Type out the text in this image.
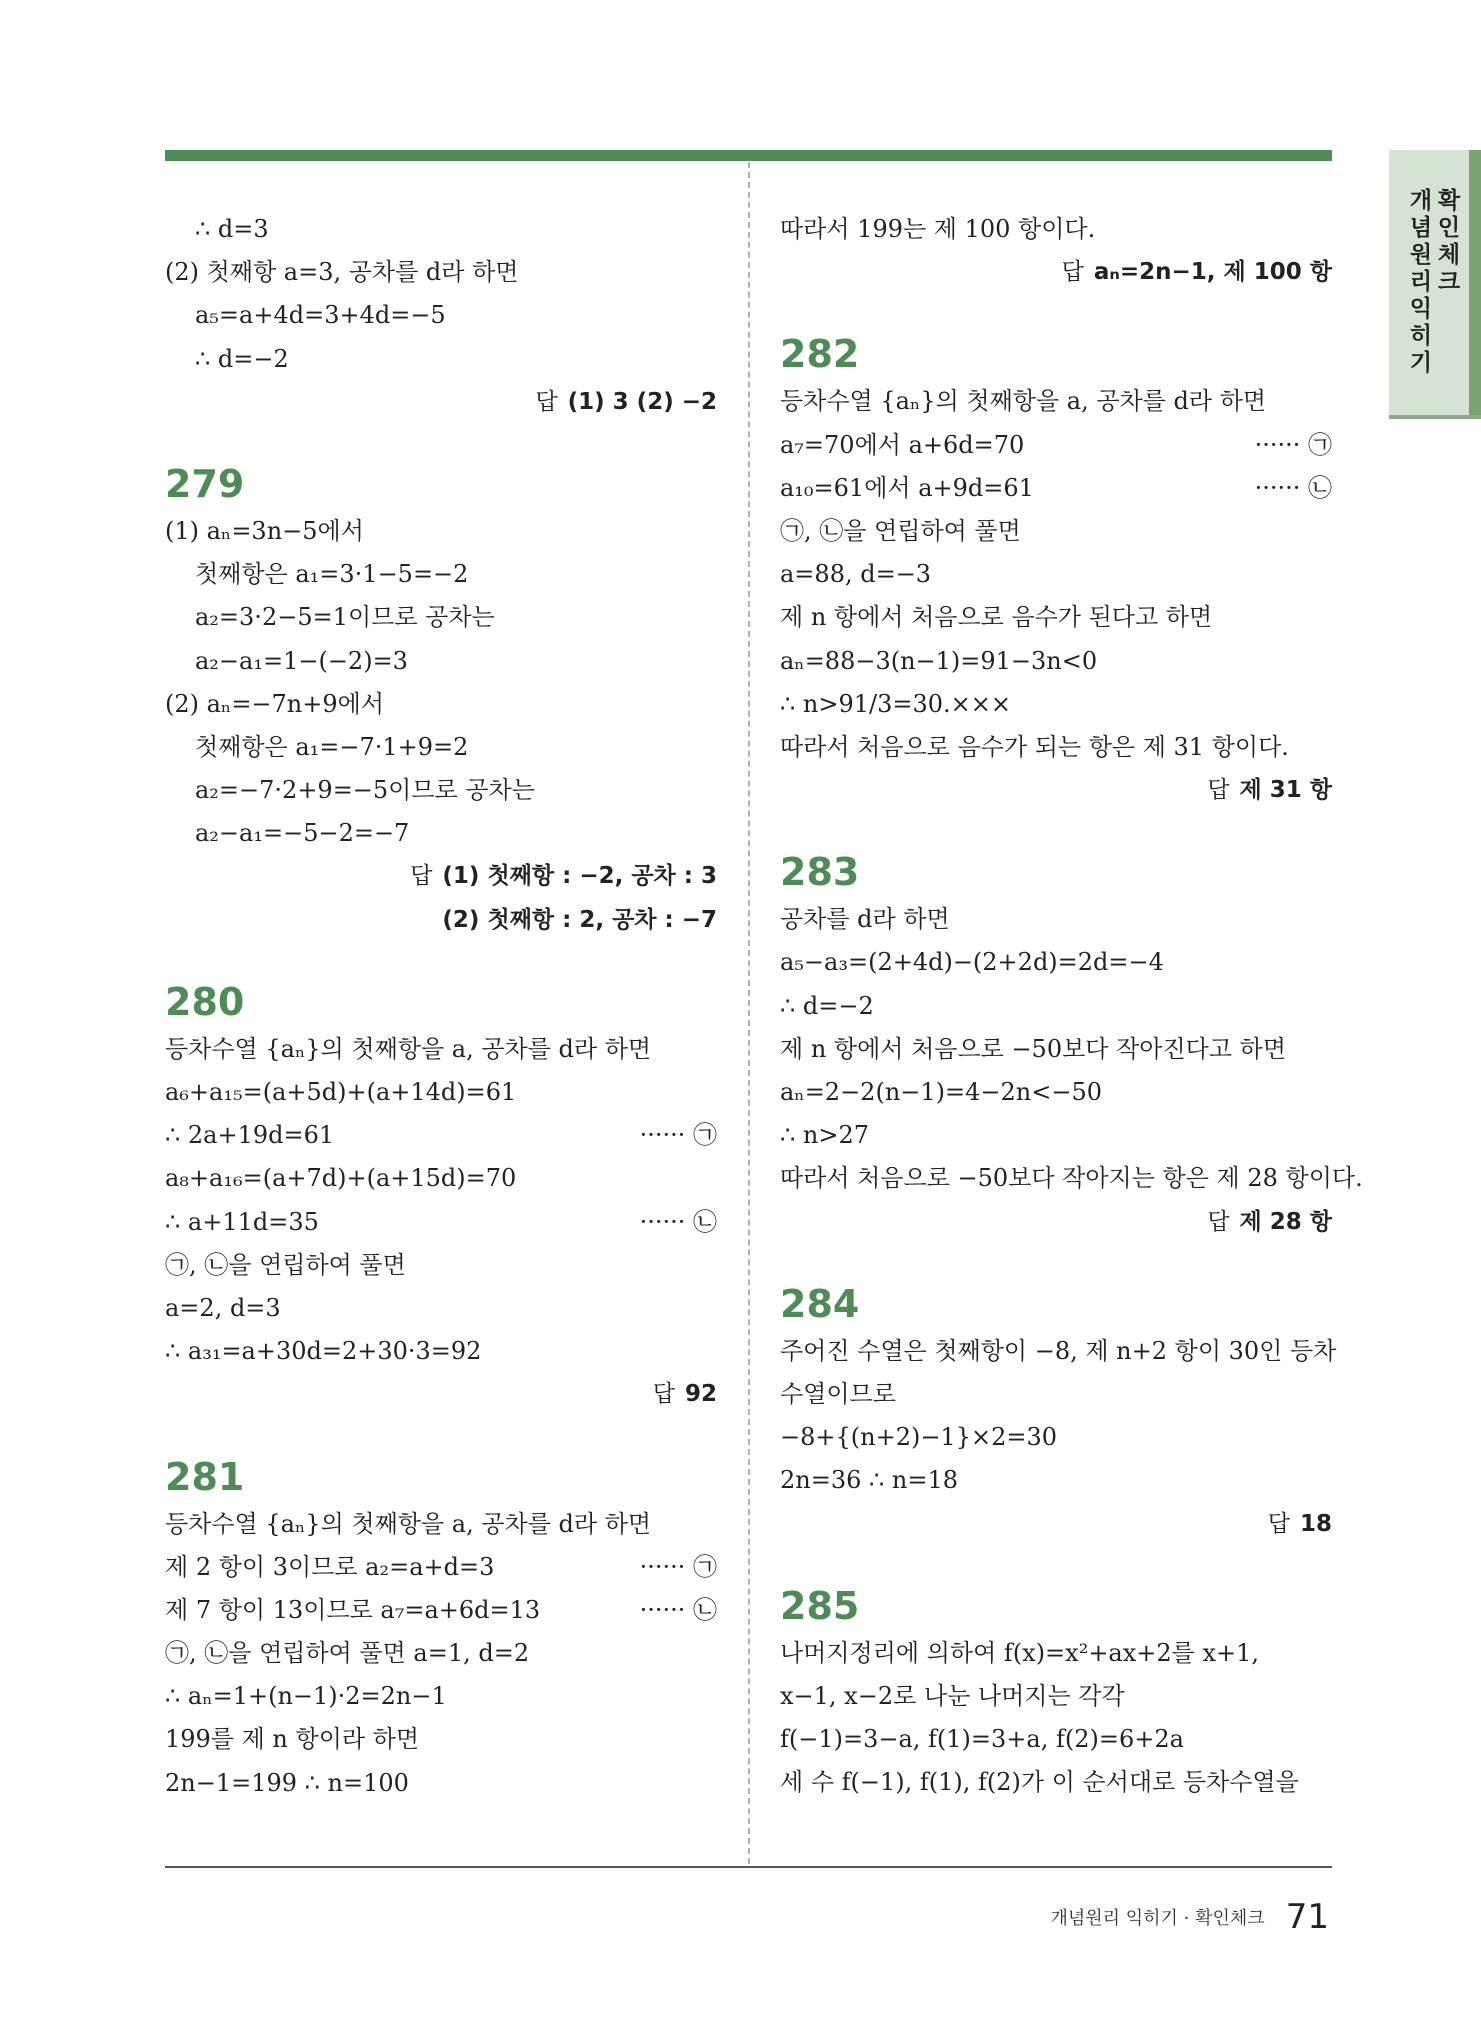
개
념
원
리
익
히
기
확
인
체
크
∴ d=3
(2) 첫째항 a=3, 공차를 d라 하면
a₅=a+4d=3+4d=−5
∴ d=−2
답 (1) 3 (2) −2
279
(1) aₙ=3n−5에서
첫째항은 a₁=3·1−5=−2
a₂=3·2−5=1이므로 공차는
a₂−a₁=1−(−2)=3
(2) aₙ=−7n+9에서
첫째항은 a₁=−7·1+9=2
a₂=−7·2+9=−5이므로 공차는
a₂−a₁=−5−2=−7
답 (1) 첫째항 : −2, 공차 : 3
(2) 첫째항 : 2, 공차 : −7
280
등차수열 {aₙ}의 첫째항을 a, 공차를 d라 하면
a₆+a₁₅=(a+5d)+(a+14d)=61
∴ 2a+19d=61	······ ㉠
a₈+a₁₆=(a+7d)+(a+15d)=70
∴ a+11d=35	······ ㉡
㉠, ㉡을 연립하여 풀면
a=2, d=3
∴ a₃₁=a+30d=2+30·3=92
답 92
281
등차수열 {aₙ}의 첫째항을 a, 공차를 d라 하면
제 2 항이 3이므로 a₂=a+d=3	······ ㉠
제 7 항이 13이므로 a₇=a+6d=13	······ ㉡
㉠, ㉡을 연립하여 풀면 a=1, d=2
∴ aₙ=1+(n−1)·2=2n−1
199를 제 n 항이라 하면
2n−1=199 ∴ n=100
따라서 199는 제 100 항이다.
답 aₙ=2n−1, 제 100 항
282
등차수열 {aₙ}의 첫째항을 a, 공차를 d라 하면
a₇=70에서 a+6d=70	······ ㉠
a₁₀=61에서 a+9d=61	······ ㉡
㉠, ㉡을 연립하여 풀면
a=88, d=−3
제 n 항에서 처음으로 음수가 된다고 하면
aₙ=88−3(n−1)=91−3n<0
∴ n>91/3=30.×××
따라서 처음으로 음수가 되는 항은 제 31 항이다.
답 제 31 항
283
공차를 d라 하면
a₅−a₃=(2+4d)−(2+2d)=2d=−4
∴ d=−2
제 n 항에서 처음으로 −50보다 작아진다고 하면
aₙ=2−2(n−1)=4−2n<−50
∴ n>27
따라서 처음으로 −50보다 작아지는 항은 제 28 항이다.
답 제 28 항
284
주어진 수열은 첫째항이 −8, 제 n+2 항이 30인 등차
수열이므로
−8+{(n+2)−1}×2=30
2n=36 ∴ n=18
답 18
285
나머지정리에 의하여 f(x)=x²+ax+2를 x+1,
x−1, x−2로 나눈 나머지는 각각
f(−1)=3−a, f(1)=3+a, f(2)=6+2a
세 수 f(−1), f(1), f(2)가 이 순서대로 등차수열을
개념원리 익히기 · 확인체크 71
